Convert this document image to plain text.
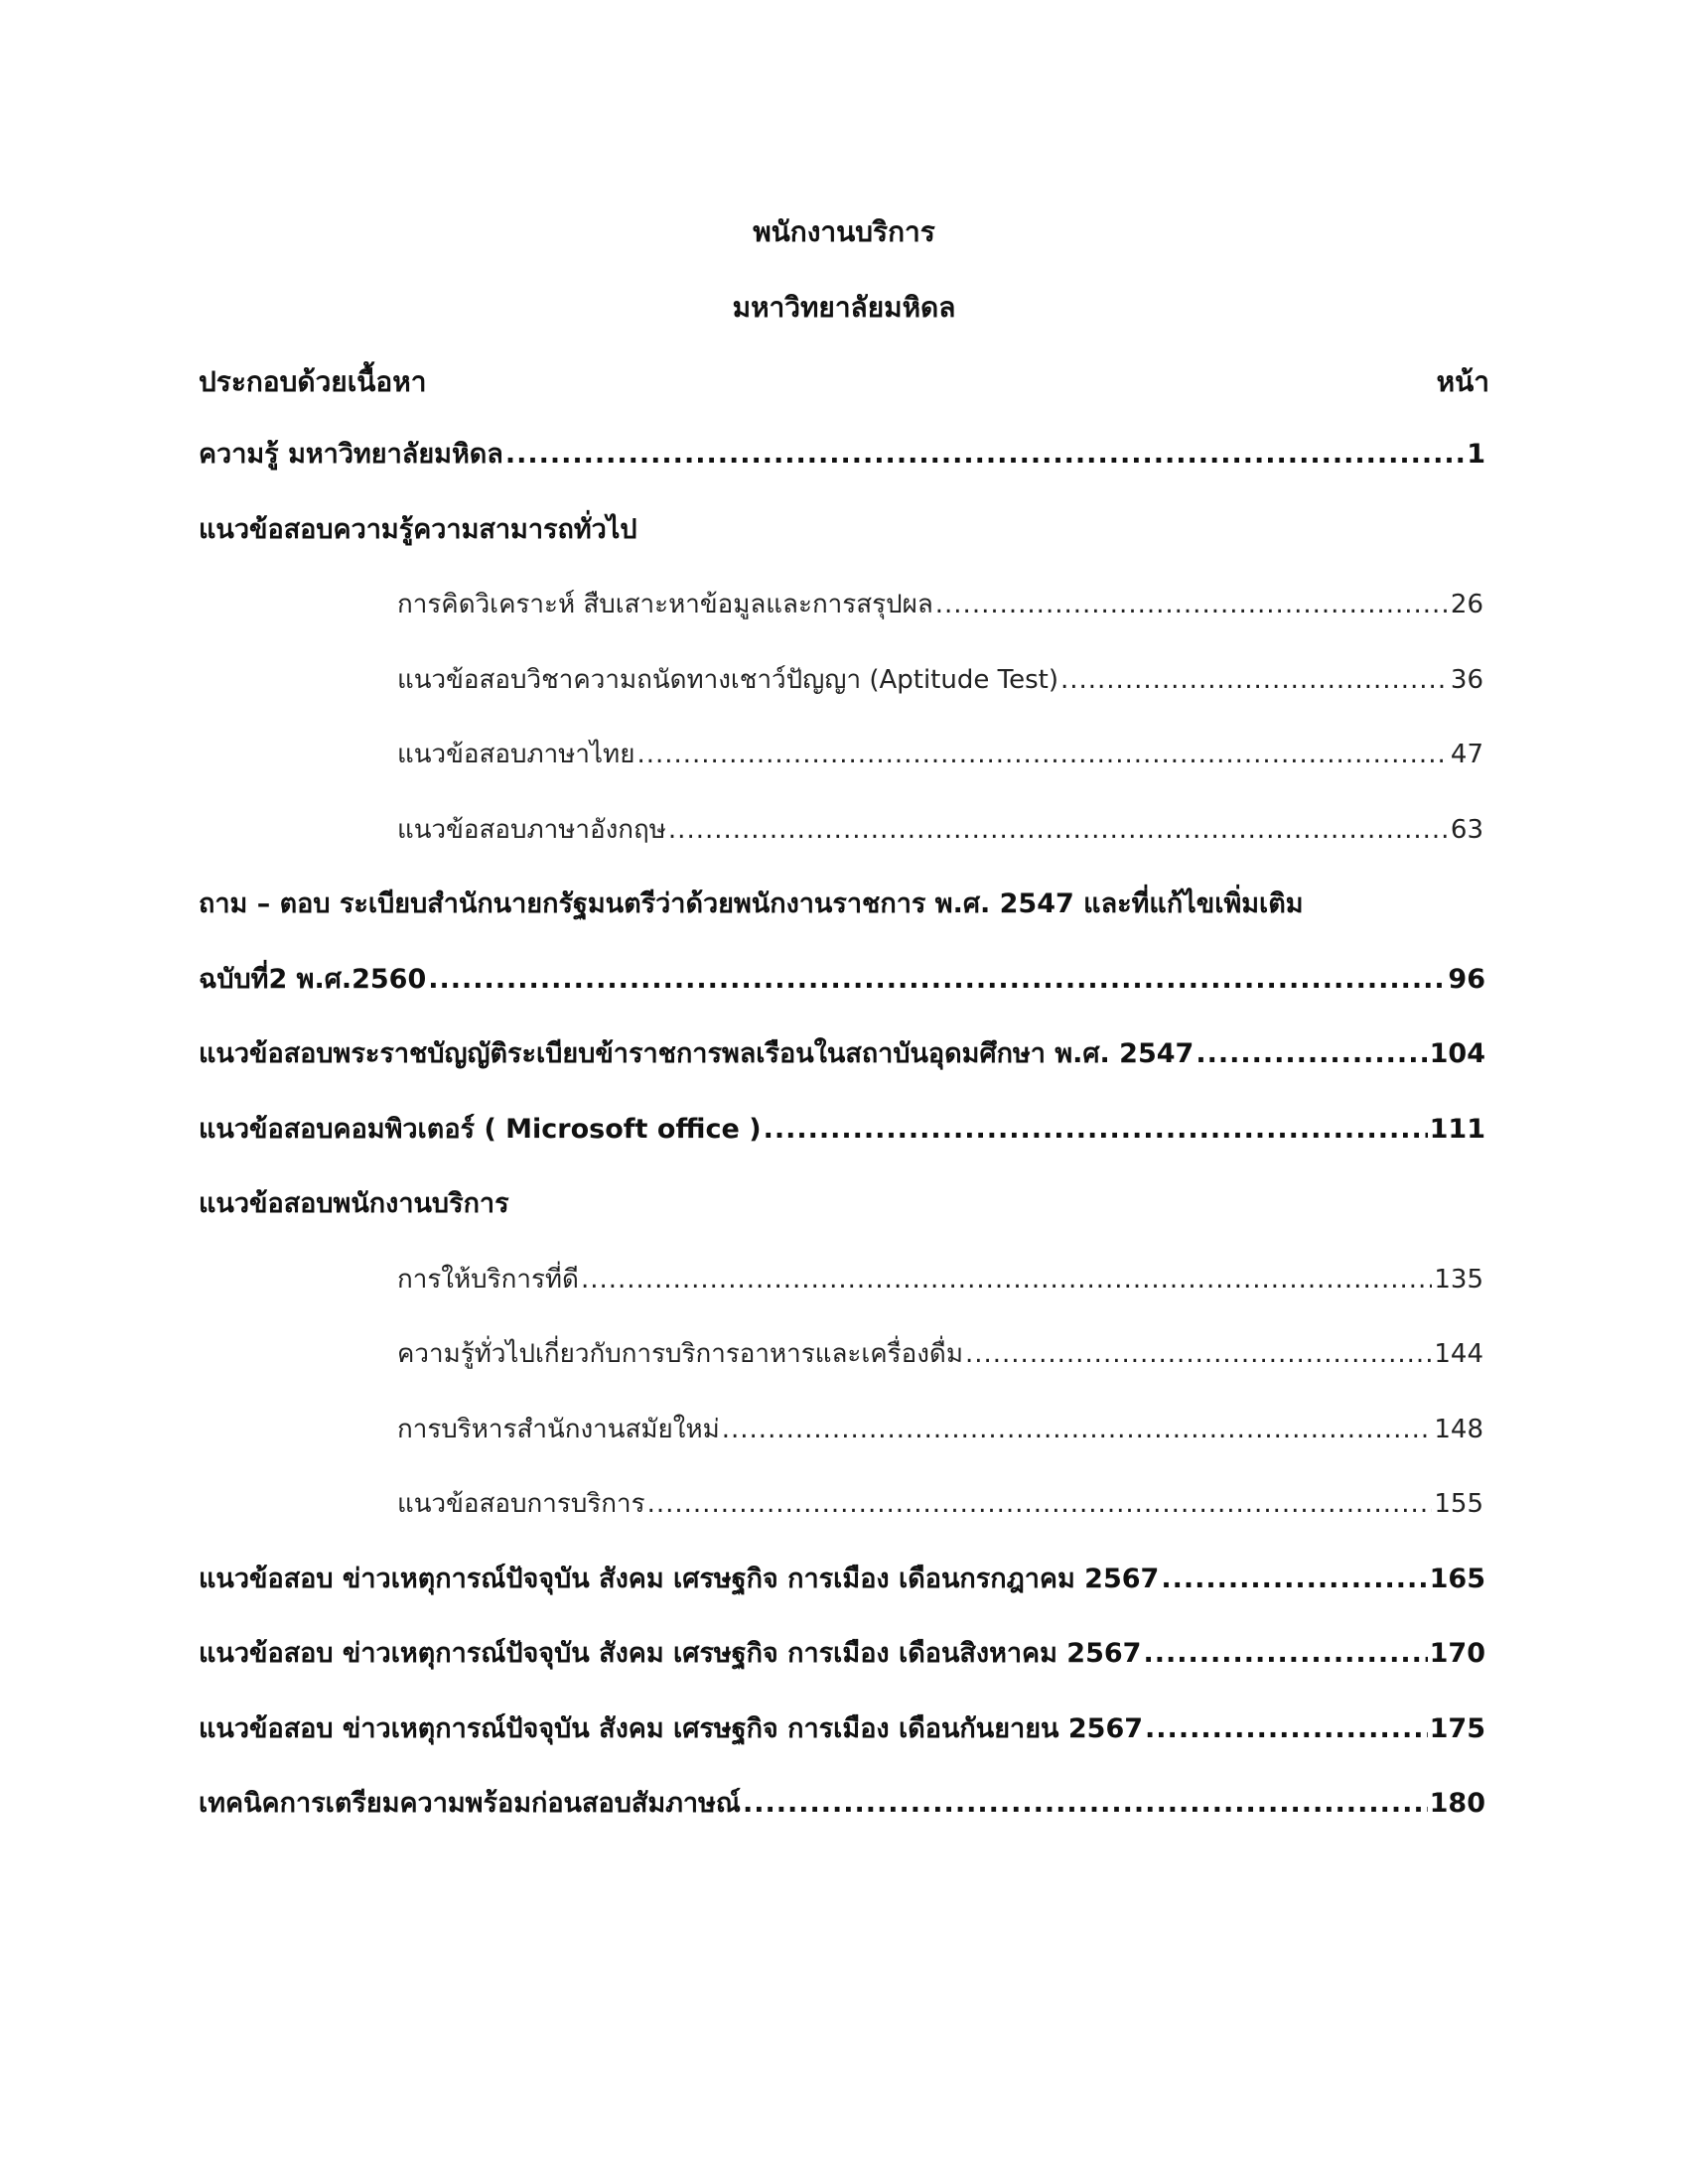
พนักงานบริการ
มหาวิทยาลัยมหิดล
ประกอบด้วยเนื้อหา	หน้า
ความรู้ มหาวิทยาลัยมหิดล .....	1
แนวข้อสอบความรู้ความสามารถทั่วไป
การคิดวิเคราะห์ สืบเสาะหาข้อมูลและการสรุปผล .....	26
แนวข้อสอบวิชาความถนัดทางเชาว์ปัญญา (Aptitude Test) .....	36
แนวข้อสอบภาษาไทย .....	47
แนวข้อสอบภาษาอังกฤษ .....	63
ถาม – ตอบ ระเบียบสำนักนายกรัฐมนตรีว่าด้วยพนักงานราชการ พ.ศ. 2547 และที่แก้ไขเพิ่มเติม
ฉบับที่2 พ.ศ.2560 .....	96
แนวข้อสอบพระราชบัญญัติระเบียบข้าราชการพลเรือนในสถาบันอุดมศึกษา พ.ศ. 2547 .....	104
แนวข้อสอบคอมพิวเตอร์ ( Microsoft office ) .....	111
แนวข้อสอบพนักงานบริการ
การให้บริการที่ดี .....	135
ความรู้ทั่วไปเกี่ยวกับการบริการอาหารและเครื่องดื่ม .....	144
การบริหารสำนักงานสมัยใหม่ .....	148
แนวข้อสอบการบริการ .....	155
แนวข้อสอบ ข่าวเหตุการณ์ปัจจุบัน สังคม เศรษฐกิจ การเมือง เดือนกรกฎาคม 2567 .....	165
แนวข้อสอบ ข่าวเหตุการณ์ปัจจุบัน สังคม เศรษฐกิจ การเมือง เดือนสิงหาคม 2567 .....	170
แนวข้อสอบ ข่าวเหตุการณ์ปัจจุบัน สังคม เศรษฐกิจ การเมือง เดือนกันยายน 2567 .....	175
เทคนิคการเตรียมความพร้อมก่อนสอบสัมภาษณ์ .....	180
